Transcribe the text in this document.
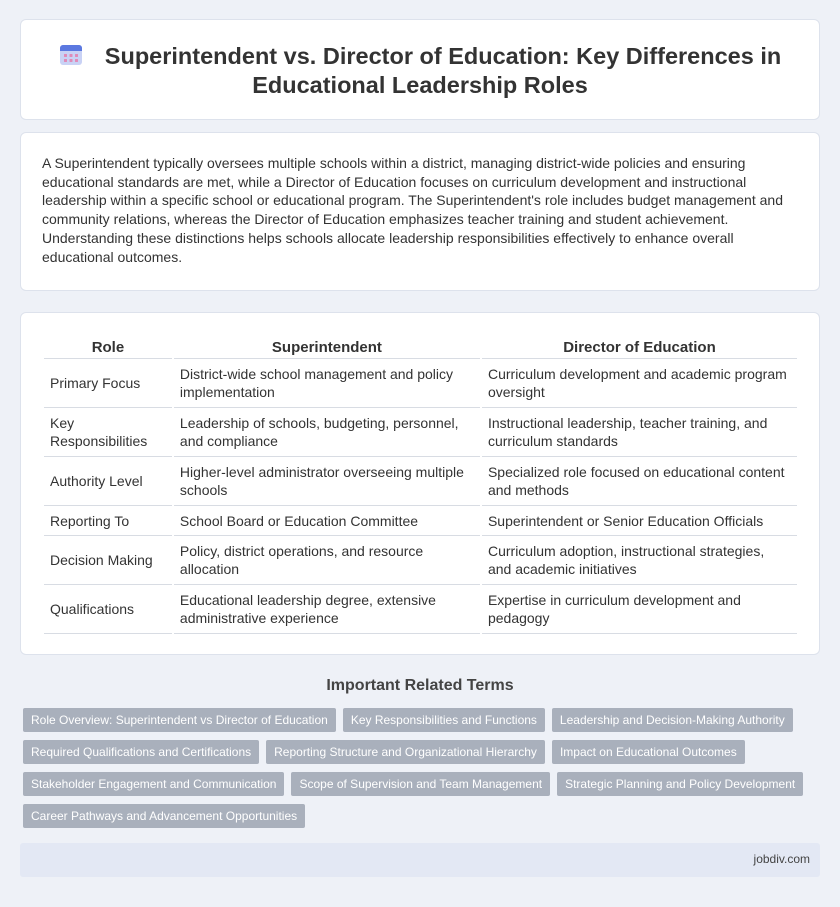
Superintendent vs. Director of Education: Key Differences in Educational Leadership Roles

A Superintendent typically oversees multiple schools within a district, managing district-wide policies and ensuring educational standards are met, while a Director of Education focuses on curriculum development and instructional leadership within a specific school or educational program. The Superintendent's role includes budget management and community relations, whereas the Director of Education emphasizes teacher training and student achievement. Understanding these distinctions helps schools allocate leadership responsibilities effectively to enhance overall educational outcomes.

Role	Superintendent	Director of Education
Primary Focus	District-wide school management and policy implementation	Curriculum development and academic program oversight
Key Responsibilities	Leadership of schools, budgeting, personnel, and compliance	Instructional leadership, teacher training, and curriculum standards
Authority Level	Higher-level administrator overseeing multiple schools	Specialized role focused on educational content and methods
Reporting To	School Board or Education Committee	Superintendent or Senior Education Officials
Decision Making	Policy, district operations, and resource allocation	Curriculum adoption, instructional strategies, and academic initiatives
Qualifications	Educational leadership degree, extensive administrative experience	Expertise in curriculum development and pedagogy
Important Related Terms
Role Overview: Superintendent vs Director of Education	Key Responsibilities and Functions	Leadership and Decision-Making Authority
Required Qualifications and Certifications	Reporting Structure and Organizational Hierarchy	Impact on Educational Outcomes
Stakeholder Engagement and Communication	Scope of Supervision and Team Management	Strategic Planning and Policy Development
Career Pathways and Advancement Opportunities
jobdiv.com
